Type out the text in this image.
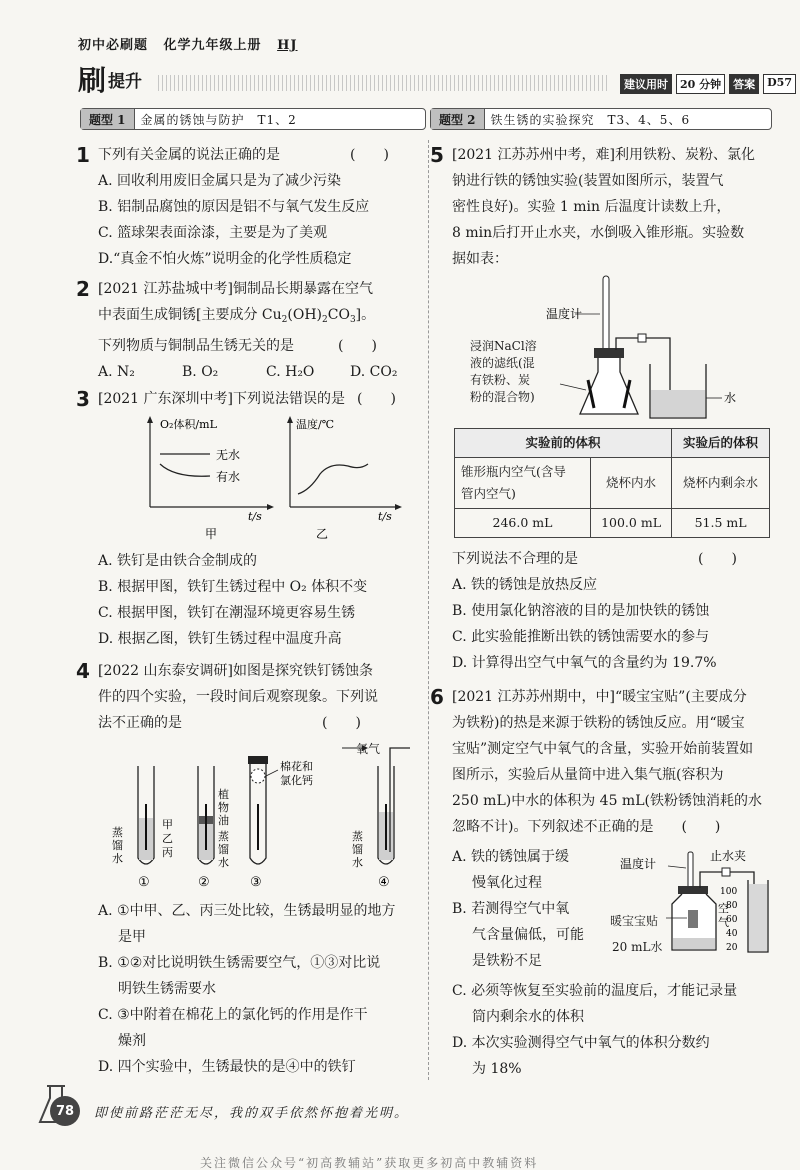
初中必刷题 化学九年级上册 HJ
刷 提升	建议用时	20 分钟	答案	D57
题型 1	金属的锈蚀与防护　T1、2	题型 2	铁生锈的实验探究　T3、4、5、6
1 下列有关金属的说法正确的是	(　　)
A. 回收利用废旧金属只是为了减少污染
B. 铝制品腐蚀的原因是铝不与氧气发生反应
C. 篮球架表面涂漆，主要是为了美观
D.“真金不怕火炼”说明金的化学性质稳定
2 [2021 江苏盐城中考]铜制品长期暴露在空气
中表面生成铜锈[主要成分 $Cu_2(OH)_2CO_3$]。
下列物质与铜制品生锈无关的是	(　　)
A. N₂	B. O₂	C. H₂O	D. CO₂
3 [2021 广东深圳中考]下列说法错误的是 (　　)
O₂体积/mL
无水
有水
t/s
甲
温度/℃
t/s
乙
A. 铁钉是由铁合金制成的
B. 根据甲图，铁钉生锈过程中 O₂ 体积不变
C. 根据甲图，铁钉在潮湿环境更容易生锈
D. 根据乙图，铁钉生锈过程中温度升高
4 [2022 山东泰安调研]如图是探究铁钉锈蚀条
件的四个实验，一段时间后观察现象。下列说
法不正确的是	(　　)
甲
乙
丙
蒸
馏
水
①
植
物
油
蒸
馏
水
②
棉花和
氯化钙
③
蒸
馏
水
④
氧气
A. ①中甲、乙、丙三处比较，生锈最明显的地方
是甲
B. ①②对比说明铁生锈需要空气，①③对比说
明铁生锈需要水
C. ③中附着在棉花上的氯化钙的作用是作干
燥剂
D. 四个实验中，生锈最快的是④中的铁钉
5 [2021 江苏苏州中考，难]利用铁粉、炭粉、氯化
钠进行铁的锈蚀实验(装置如图所示，装置气
密性良好)。实验 1 min 后温度计读数上升，
8 min后打开止水夹，水倒吸入锥形瓶。实验数
据如表：
温度计
水
浸润NaCl溶
液的滤纸(混
有铁粉、炭
粉的混合物)
实验前的体积		实验后的体积
锥形瓶内空气(含导
管内空气)	烧杯内水	烧杯内剩余水
246.0 mL	100.0 mL	51.5 mL
下列说法不合理的是	(　　)
A. 铁的锈蚀是放热反应
B. 使用氯化钠溶液的目的是加快铁的锈蚀
C. 此实验能推断出铁的锈蚀需要水的参与
D. 计算得出空气中氧气的含量约为 19.7%
6 [2021 江苏苏州期中，中]“暖宝宝贴”(主要成分
为铁粉)的热是来源于铁粉的锈蚀反应。用“暖宝
宝贴”测定空气中氧气的含量，实验开始前装置如
图所示，实验后从量筒中进入集气瓶(容积为
250 mL)中水的体积为 45 mL(铁粉锈蚀消耗的水
忽略不计)。下列叙述不正确的是 (　　)
A. 铁的锈蚀属于缓
慢氧化过程
B. 若测得空气中氧
气含量偏低，可能
是铁粉不足
温度计
止水夹
100
80
60
40
20
空
气
暖宝宝贴
20 mL水
C. 必须等恢复至实验前的温度后，才能记录量
筒内剩余水的体积
D. 本次实验测得空气中氧气的体积分数约
为 18%
78	即使前路茫茫无尽，我的双手依然怀抱着光明。
关注微信公众号“初高教辅站”获取更多初高中教辅资料
